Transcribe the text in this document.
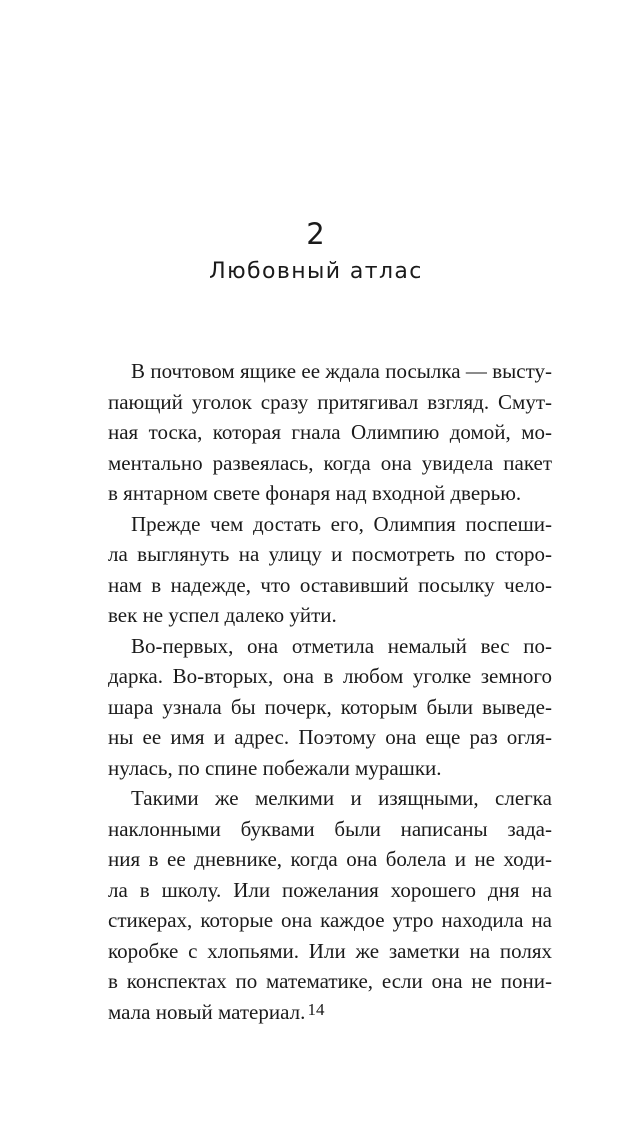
2
Любовный атлас
В почтовом ящике ее ждала посылка — высту-
пающий уголок сразу притягивал взгляд. Смут-
ная тоска, которая гнала Олимпию домой, мо-
ментально развеялась, когда она увидела пакет
в янтарном свете фонаря над входной дверью.
Прежде чем достать его, Олимпия поспеши-
ла выглянуть на улицу и посмотреть по сторо-
нам в надежде, что оставивший посылку чело-
век не успел далеко уйти.
Во-первых, она отметила немалый вес по-
дарка. Во-вторых, она в любом уголке земного
шара узнала бы почерк, которым были выведе-
ны ее имя и адрес. Поэтому она еще раз огля-
нулась, по спине побежали мурашки.
Такими же мелкими и изящными, слегка
наклонными буквами были написаны зада-
ния в ее дневнике, когда она болела и не ходи-
ла в школу. Или пожелания хорошего дня на
стикерах, которые она каждое утро находила на
коробке с хлопьями. Или же заметки на полях
в конспектах по математике, если она не пони-
мала новый материал. 14
